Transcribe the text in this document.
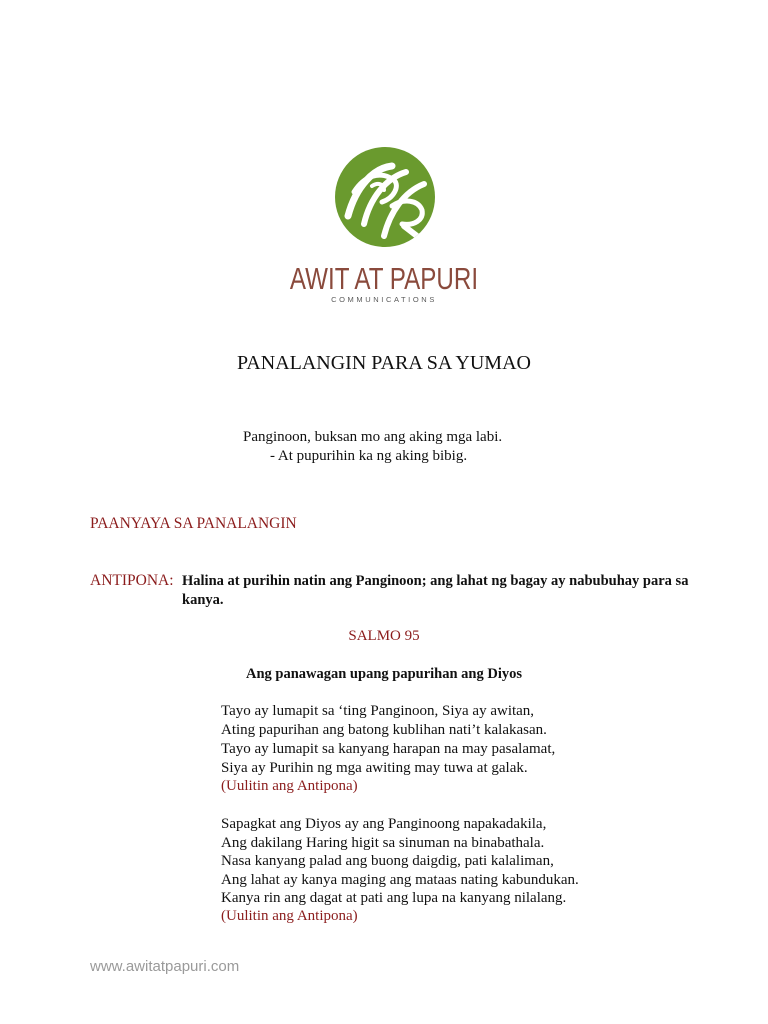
AWIT AT PAPURI
COMMUNICATIONS
PANALANGIN PARA SA YUMAO
Panginoon, buksan mo ang aking mga labi.
- At pupurihin ka ng aking bibig.
PAANYAYA SA PANALANGIN
ANTIPONA: Halina at purihin natin ang Panginoon; ang lahat ng bagay ay nabubuhay para sa
kanya.
SALMO 95
Ang panawagan upang papurihan ang Diyos
Tayo ay lumapit sa ‘ting Panginoon, Siya ay awitan,
Ating papurihan ang batong kublihan nati’t kalakasan.
Tayo ay lumapit sa kanyang harapan na may pasalamat,
Siya ay Purihin ng mga awiting may tuwa at galak.
(Uulitin ang Antipona)
Sapagkat ang Diyos ay ang Panginoong napakadakila,
Ang dakilang Haring higit sa sinuman na binabathala.
Nasa kanyang palad ang buong daigdig, pati kalaliman,
Ang lahat ay kanya maging ang mataas nating kabundukan.
Kanya rin ang dagat at pati ang lupa na kanyang nilalang.
(Uulitin ang Antipona)
www.awitatpapuri.com
